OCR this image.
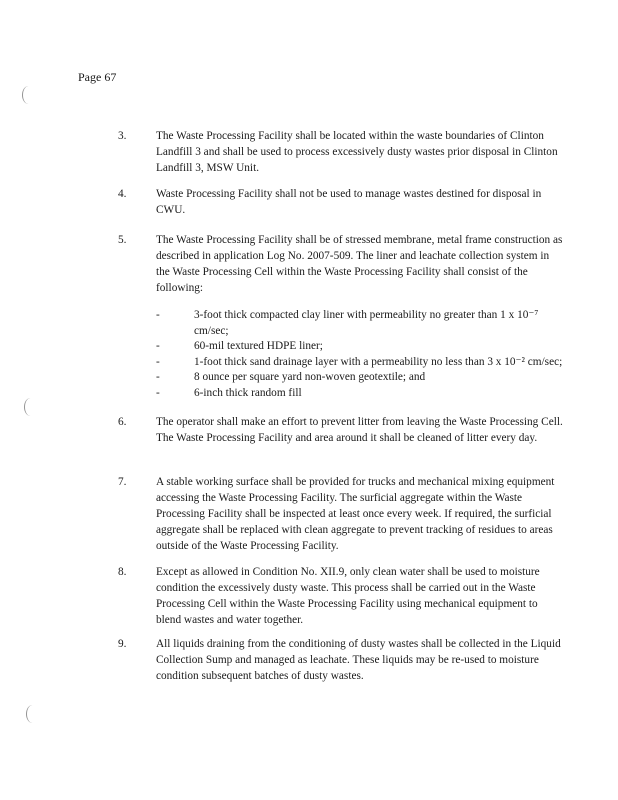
Page 67
3.	The Waste Processing Facility shall be located within the waste boundaries of Clinton Landfill 3 and shall be used to process excessively dusty wastes prior disposal in Clinton Landfill 3, MSW Unit.

4.	Waste Processing Facility shall not be used to manage wastes destined for disposal in CWU.

5.	The Waste Processing Facility shall be of stressed membrane, metal frame construction as described in application Log No. 2007-509. The liner and leachate collection system in the Waste Processing Cell within the Waste Processing Facility shall consist of the following:

- 3-foot thick compacted clay liner with permeability no greater than 1 x 10⁻⁷ cm/sec;
- 60-mil textured HDPE liner;
- 1-foot thick sand drainage layer with a permeability no less than 3 x 10⁻² cm/sec;
- 8 ounce per square yard non-woven geotextile; and
- 6-inch thick random fill
6.	The operator shall make an effort to prevent litter from leaving the Waste Processing Cell. The Waste Processing Facility and area around it shall be cleaned of litter every day.

7.	A stable working surface shall be provided for trucks and mechanical mixing equipment accessing the Waste Processing Facility. The surficial aggregate within the Waste Processing Facility shall be inspected at least once every week. If required, the surficial aggregate shall be replaced with clean aggregate to prevent tracking of residues to areas outside of the Waste Processing Facility.

8.	Except as allowed in Condition No. XII.9, only clean water shall be used to moisture condition the excessively dusty waste. This process shall be carried out in the Waste Processing Cell within the Waste Processing Facility using mechanical equipment to blend wastes and water together.

9.	All liquids draining from the conditioning of dusty wastes shall be collected in the Liquid Collection Sump and managed as leachate. These liquids may be re-used to moisture condition subsequent batches of dusty wastes.
